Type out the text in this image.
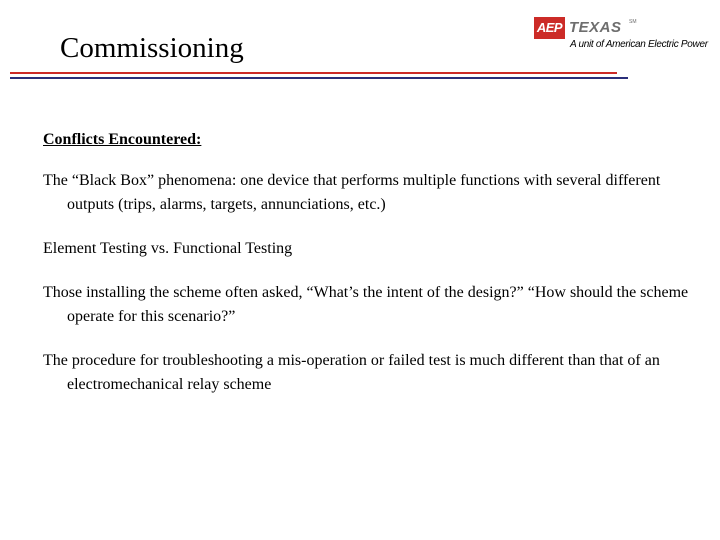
Commissioning
AEP TEXAS SM
A unit of American Electric Power
Conflicts Encountered:
The “Black Box” phenomena: one device that performs multiple functions with several different outputs (trips, alarms, targets, annunciations, etc.)
Element Testing vs. Functional Testing
Those installing the scheme often asked, “What’s the intent of the design?” “How should the scheme operate for this scenario?”
The procedure for troubleshooting a mis-operation or failed test is much different than that of an electromechanical relay scheme
